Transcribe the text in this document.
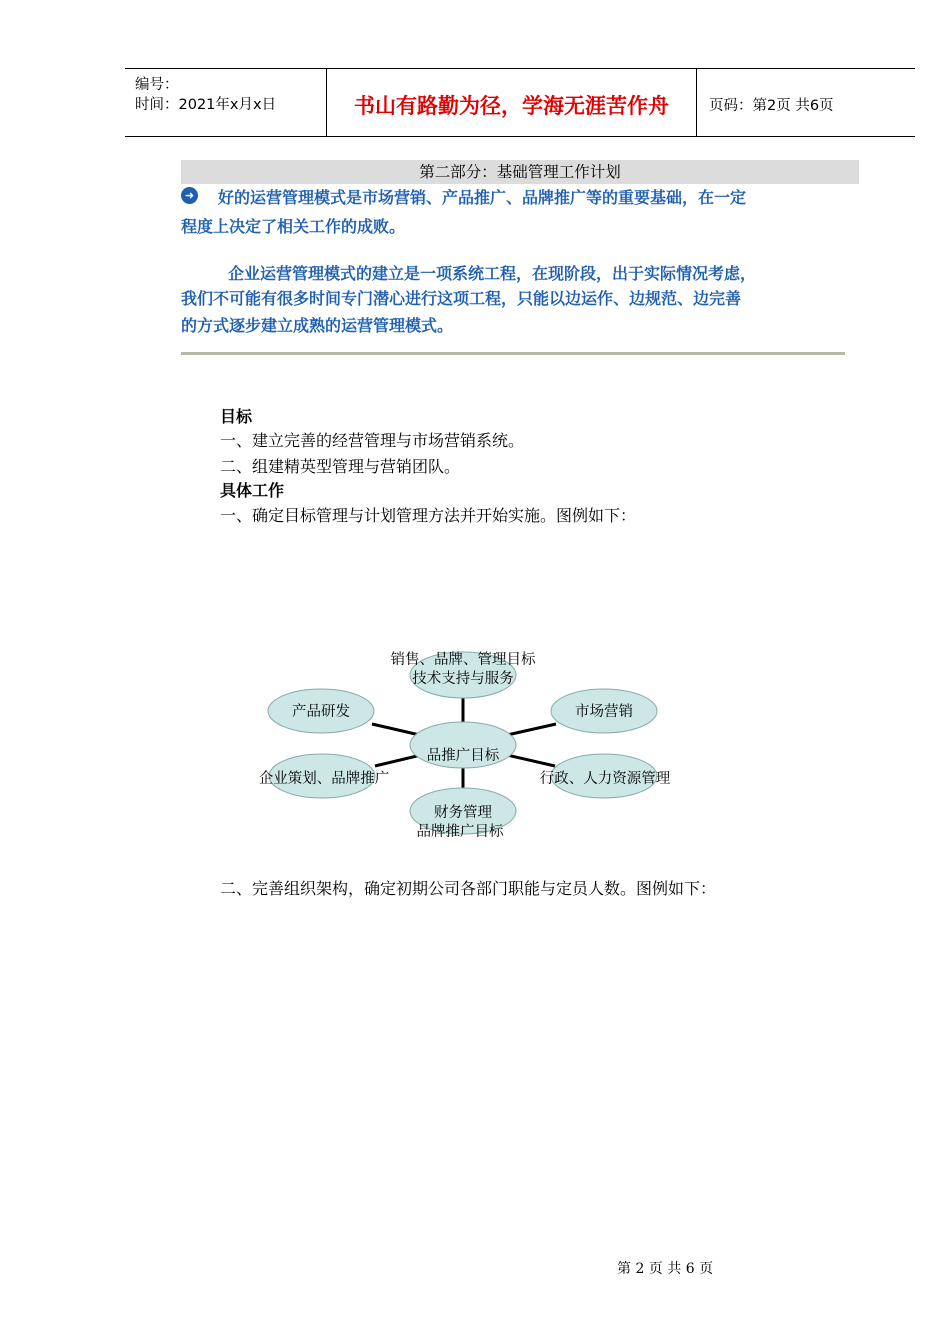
编号：
时间：2021年x月x日	书山有路勤为径，学海无涯苦作舟	页码：第2页 共6页
第二部分：基础管理工作计划
➜	好的运营管理模式是市场营销、产品推广、品牌推广等的重要基础，在一定
程度上决定了相关工作的成败。
企业运营管理模式的建立是一项系统工程，在现阶段，出于实际情况考虑，
我们不可能有很多时间专门潜心进行这项工程，只能以边运作、边规范、边完善
的方式逐步建立成熟的运营管理模式。
目标
一、建立完善的经营管理与市场营销系统。
二、组建精英型管理与营销团队。
具体工作
一、确定目标管理与计划管理方法并开始实施。图例如下：
二、完善组织架构，确定初期公司各部门职能与定员人数。图例如下：
销售、品牌、管理目标
技术支持与服务
产品研发	市场营销
品推广目标
企业策划、品牌推广	行政、人力资源管理
财务管理
品牌推广目标
第 2 页 共 6 页
